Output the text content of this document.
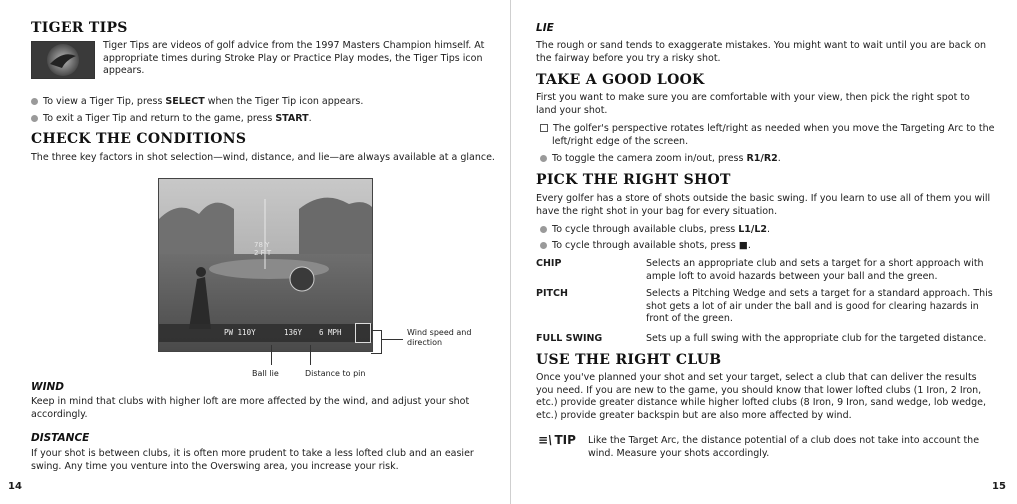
TIGER TIPS
Tiger Tips are videos of golf advice from the 1997 Masters Champion himself. At appropriate times during Stroke Play or Practice Play modes, the Tiger Tips icon appears.
To view a Tiger Tip, press SELECT when the Tiger Tip icon appears.
To exit a Tiger Tip and return to the game, press START.
CHECK THE CONDITIONS
The three key factors in shot selection—wind, distance, and lie—are always available at a glance.
78 Y
2 F T
PW 110Y	136Y 6 MPH	Wind speed and direction
Ball lie	Distance to pin
WIND
Keep in mind that clubs with higher loft are more affected by the wind, and adjust your shot accordingly.
DISTANCE
If your shot is between clubs, it is often more prudent to take a less lofted club and an easier swing. Any time you venture into the Overswing area, you increase your risk.
14
LIE
The rough or sand tends to exaggerate mistakes. You might want to wait until you are back on the fairway before you try a risky shot.
TAKE A GOOD LOOK
First you want to make sure you are comfortable with your view, then pick the right spot to land your shot.
The golfer's perspective rotates left/right as needed when you move the Targeting Arc to the left/right edge of the screen.
To toggle the camera zoom in/out, press R1/R2.
PICK THE RIGHT SHOT
Every golfer has a store of shots outside the basic swing. If you learn to use all of them you will have the right shot in your bag for every situation.
To cycle through available clubs, press L1/L2.
To cycle through available shots, press ■.
CHIP	Selects an appropriate club and sets a target for a short approach with ample loft to avoid hazards between your ball and the green.
PITCH	Selects a Pitching Wedge and sets a target for a standard approach. This shot gets a lot of air under the ball and is good for clearing hazards in front of the green.
FULL SWING	Sets up a full swing with the appropriate club for the targeted distance.
USE THE RIGHT CLUB
Once you've planned your shot and set your target, select a club that can deliver the results you need. If you are new to the game, you should know that lower lofted clubs (1 Iron, 2 Iron, etc.) provide greater distance while higher lofted clubs (8 Iron, 9 Iron, sand wedge, lob wedge, etc.) provide greater backspin but are also more affected by wind.
≡\ TIP Like the Target Arc, the distance potential of a club does not take into account the wind. Measure your shots accordingly.
15
